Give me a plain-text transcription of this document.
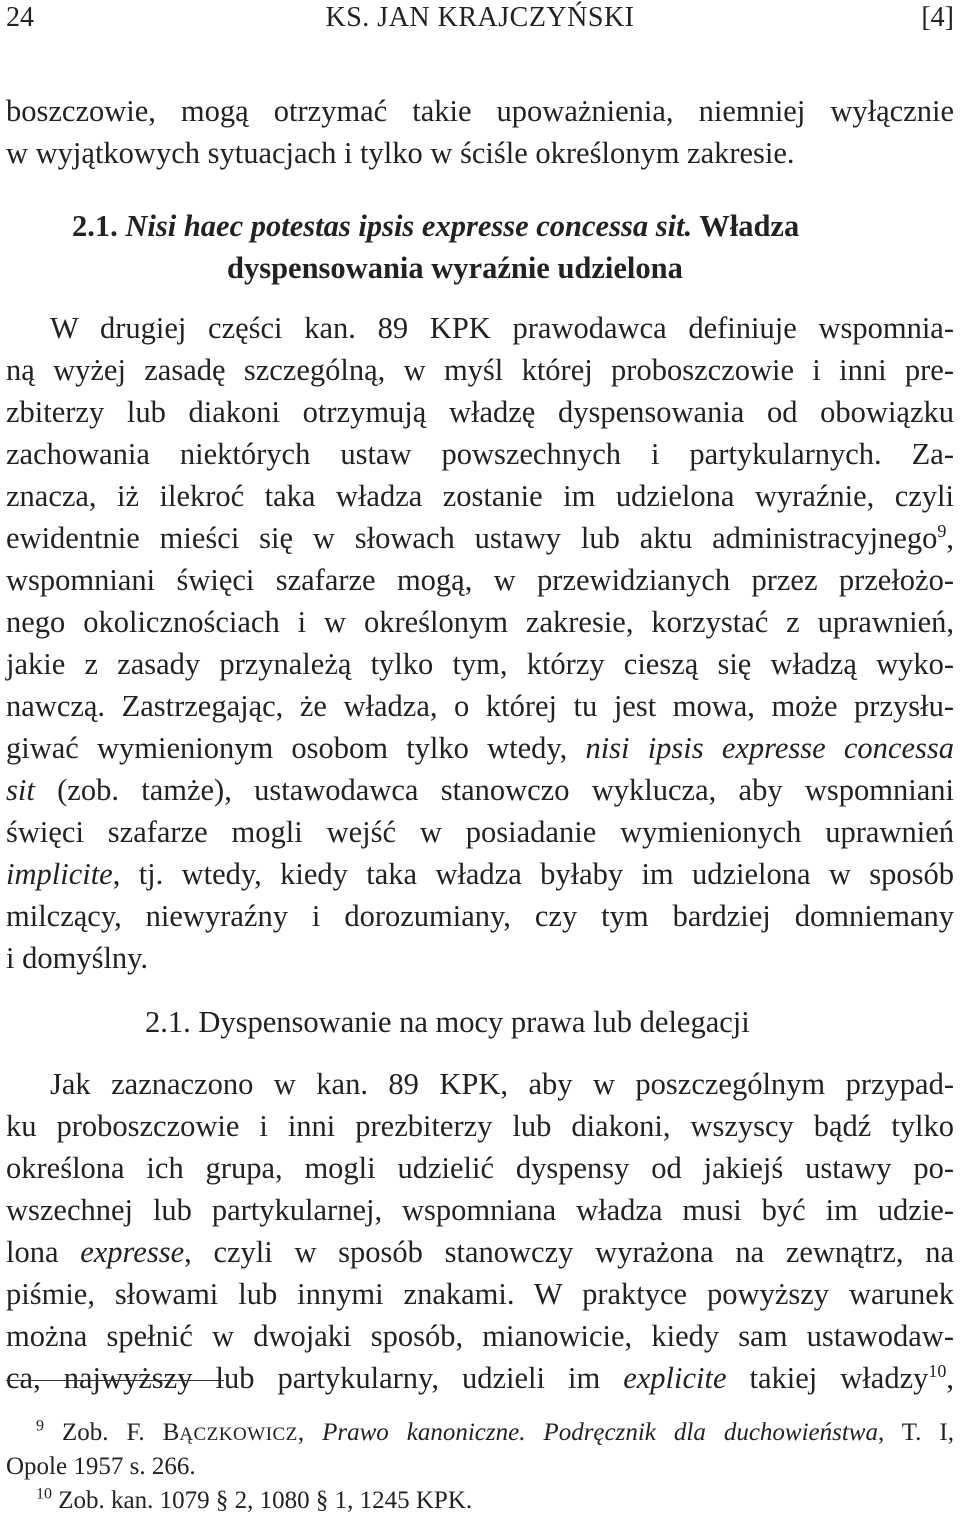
24	KS. JAN KRAJCZYŃSKI	[4]
boszczowie, mogą otrzymać takie upoważnienia, niemniej wyłącznie
w wyjątkowych sytuacjach i tylko w ściśle określonym zakresie.
2.1. Nisi haec potestas ipsis expresse concessa sit. Władza
dyspensowania wyraźnie udzielona
W drugiej części kan. 89 KPK prawodawca definiuje wspomnia-
ną wyżej zasadę szczególną, w myśl której proboszczowie i inni pre-
zbiterzy lub diakoni otrzymują władzę dyspensowania od obowiązku
zachowania niektórych ustaw powszechnych i partykularnych. Za-
znacza, iż ilekroć taka władza zostanie im udzielona wyraźnie, czyli
ewidentnie mieści się w słowach ustawy lub aktu administracyjnego$^9$,
wspomniani święci szafarze mogą, w przewidzianych przez przełożo-
nego okolicznościach i w określonym zakresie, korzystać z uprawnień,
jakie z zasady przynależą tylko tym, którzy cieszą się władzą wyko-
nawczą. Zastrzegając, że władza, o której tu jest mowa, może przysłu-
giwać wymienionym osobom tylko wtedy, nisi ipsis expresse concessa
sit (zob. tamże), ustawodawca stanowczo wyklucza, aby wspomniani
święci szafarze mogli wejść w posiadanie wymienionych uprawnień
implicite, tj. wtedy, kiedy taka władza byłaby im udzielona w sposób
milczący, niewyraźny i dorozumiany, czy tym bardziej domniemany
i domyślny.
2.1. Dyspensowanie na mocy prawa lub delegacji
Jak zaznaczono w kan. 89 KPK, aby w poszczególnym przypad-
ku proboszczowie i inni prezbiterzy lub diakoni, wszyscy bądź tylko
określona ich grupa, mogli udzielić dyspensy od jakiejś ustawy po-
wszechnej lub partykularnej, wspomniana władza musi być im udzie-
lona expresse, czyli w sposób stanowczy wyrażona na zewnątrz, na
piśmie, słowami lub innymi znakami. W praktyce powyższy warunek
można spełnić w dwojaki sposób, mianowicie, kiedy sam ustawodaw-
ca, najwyższy lub partykularny, udzieli im explicite takiej władzy$^{10}$,
$^9$ Zob. F. BĄCZKOWICZ, Prawo kanoniczne. Podręcznik dla duchowieństwa, T. I,
Opole 1957 s. 266.
$^{10}$ Zob. kan. 1079 § 2, 1080 § 1, 1245 KPK.
